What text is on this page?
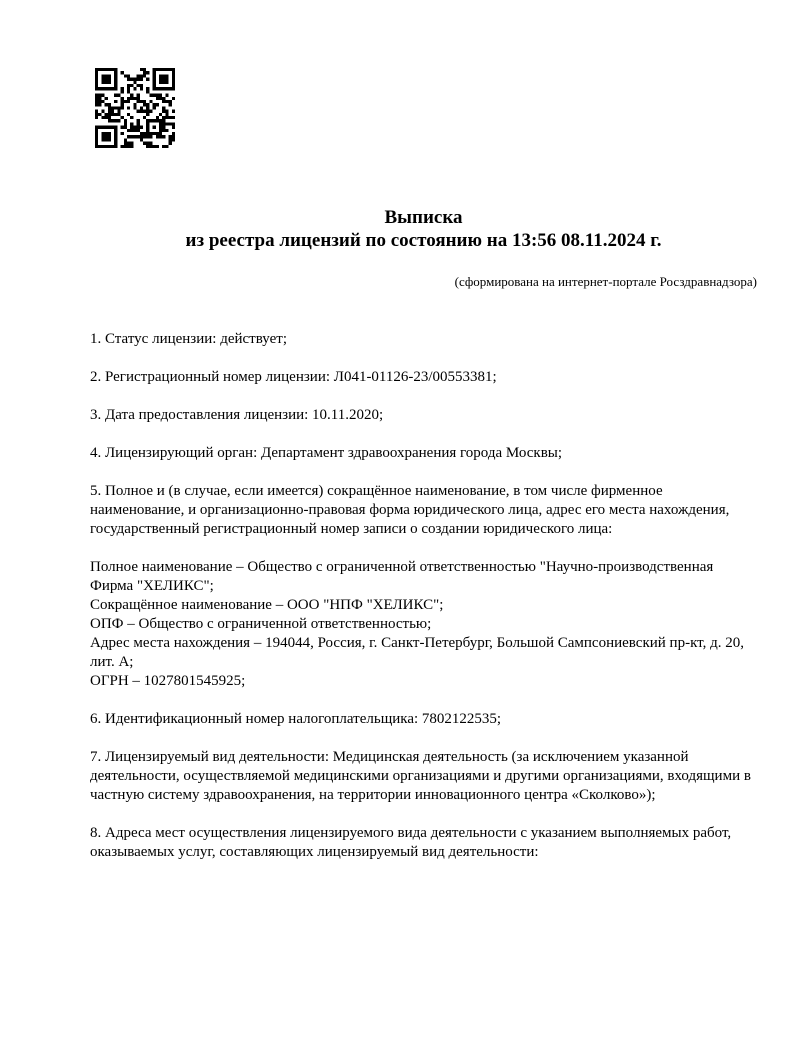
Выписка
из реестра лицензий по состоянию на 13:56 08.11.2024 г.
(сформирована на интернет-портале Росздравнадзора)

1. Статус лицензии: действует;

2. Регистрационный номер лицензии: Л041-01126-23/00553381;

3. Дата предоставления лицензии: 10.11.2020;

4. Лицензирующий орган: Департамент здравоохранения города Москвы;

5. Полное и (в случае, если имеется) сокращённое наименование, в том числе фирменное наименование, и организационно-правовая форма юридического лица, адрес его места нахождения, государственный регистрационный номер записи о создании юридического лица:

Полное наименование – Общество с ограниченной ответственностью "Научно-производственная Фирма "ХЕЛИКС";

Сокращённое наименование – ООО "НПФ "ХЕЛИКС";

ОПФ – Общество с ограниченной ответственностью;

Адрес места нахождения – 194044, Россия, г. Санкт-Петербург, Большой Сампсониевский пр-кт, д. 20, лит. А;

ОГРН – 1027801545925;

6. Идентификационный номер налогоплательщика: 7802122535;

7. Лицензируемый вид деятельности: Медицинская деятельность (за исключением указанной деятельности, осуществляемой медицинскими организациями и другими организациями, входящими в частную систему здравоохранения, на территории инновационного центра «Сколково»);

8. Адреса мест осуществления лицензируемого вида деятельности с указанием выполняемых работ, оказываемых услуг, составляющих лицензируемый вид деятельности:
